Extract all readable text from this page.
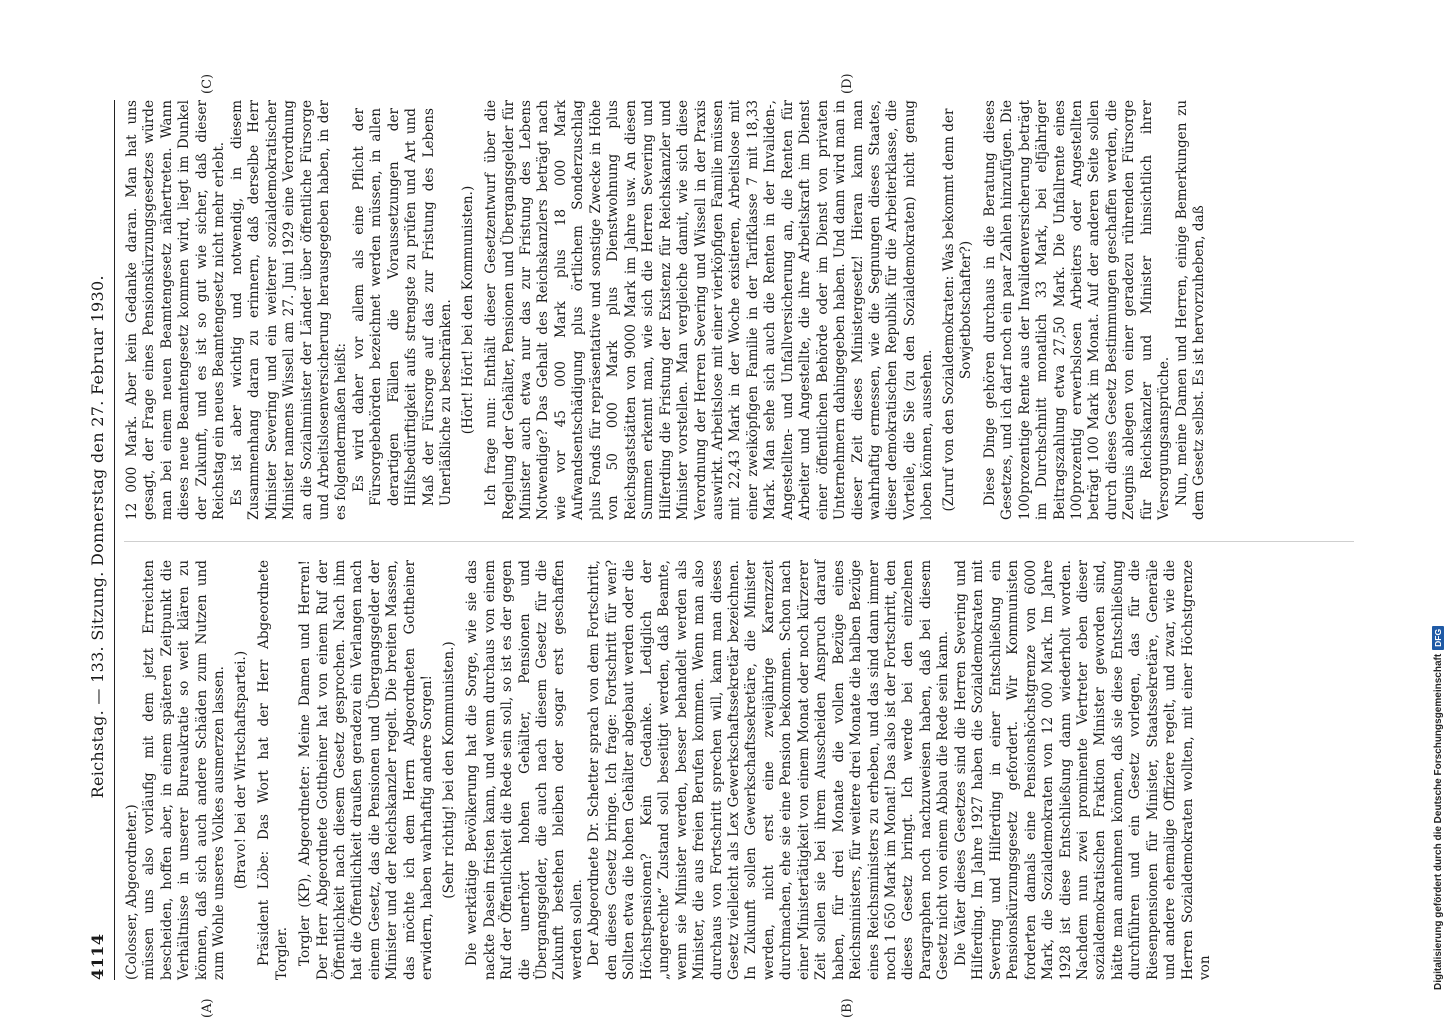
4114
Reichstag. — 133. Sitzung. Donnerstag den 27. Februar 1930.

(Colosser, Abgeordneter.) müssen uns also vorläufig mit dem jetzt Erreichten bescheiden, hoffen aber, in einem späteren Zeitpunkt die Verhältnisse in unserer Bureaukratie so weit klären zu können, daß sich auch andere Schäden zum Nutzen und zum Wohle unseres Volkes ausmerzen lassen. (Bravo! bei der Wirtschaftspartei.) Präsident Löbe: Das Wort hat der Herr Abgeordnete Torgler. Torgler (KP), Abgeordneter: Meine Damen und Herren! Der Herr Abgeordnete Gottheiner hat von einem Ruf der Öffentlichkeit nach diesem Gesetz gesprochen. Nach ihm hat die Öffentlichkeit draußen geradezu ein Verlangen nach einem Gesetz, das die Pensionen und Übergangsgelder der Minister und der Reichskanzler regelt. Die breiten Massen, das möchte ich dem Herrn Abgeordneten Gottheiner erwidern, haben wahrhaftig andere Sorgen! (Sehr richtig! bei den Kommunisten.) Die werktätige Bevölkerung hat die Sorge, wie sie das nackte Dasein fristen kann, und wenn durchaus von einem Ruf der Öffentlichkeit die Rede sein soll, so ist es der gegen die unerhört hohen Gehälter, Pensionen und Übergangsgelder, die auch nach diesem Gesetz für die Zukunft bestehen bleiben oder sogar erst geschaffen werden sollen. Der Abgeordnete Dr. Schetter sprach von dem Fortschritt, den dieses Gesetz bringe. Ich frage: Fortschritt für wen? Sollten etwa die hohen Gehälter abgebaut werden oder die Höchstpensionen? Kein Gedanke. Lediglich der „ungerechte“ Zustand soll beseitigt werden, daß Beamte, wenn sie Minister werden, besser behandelt werden als Minister, die aus freien Berufen kommen. Wenn man also durchaus von Fortschritt sprechen will, kann man dieses Gesetz vielleicht als Lex Gewerkschaftssekretär bezeichnen. In Zukunft sollen Gewerkschaftssekretäre, die Minister werden, nicht erst eine zweijährige Karenzzeit durchmachen, ehe sie eine Pension bekommen. Schon nach einer Ministertätigkeit von einem Monat oder noch kürzerer Zeit sollen sie bei ihrem Ausscheiden Anspruch darauf haben, für drei Monate die vollen Bezüge eines Reichsministers, für weitere drei Monate die halben Bezüge eines Reichsministers zu erheben, und das sind dann immer noch 1 650 Mark im Monat! Das also ist der Fortschritt, den dieses Gesetz bringt. Ich werde bei den einzelnen Paragraphen noch nachzuweisen haben, daß bei diesem Gesetz nicht von einem Abbau die Rede sein kann. Die Väter dieses Gesetzes sind die Herren Severing und Hilferding. Im Jahre 1927 haben die Sozialdemokraten mit Severing und Hilferding in einer Entschließung ein Pensionskürzungsgesetz gefordert. Wir Kommunisten forderten damals eine Pensionshöchstgrenze von 6000 Mark, die Sozialdemokraten von 12 000 Mark. Im Jahre 1928 ist diese Entschließung dann wiederholt worden. Nachdem nun zwei prominente Vertreter eben dieser sozialdemokratischen Fraktion Minister geworden sind, hätte man annehmen können, daß sie diese Entschließung durchführen und ein Gesetz vorlegen, das für die Riesenpensionen für Minister, Staatssekretäre, Generäle und andere ehemalige Offiziere regelt, und zwar, wie die Herren Sozialdemokraten wollten, mit einer Höchstgrenze von

12 000 Mark. Aber kein Gedanke daran. Man hat uns gesagt, der Frage eines Pensionskürzungsgesetzes würde man bei einem neuen Beamtengesetz nähertreten. Wann dieses neue Beamtengesetz kommen wird, liegt im Dunkel der Zukunft, und es ist so gut wie sicher, daß dieser Reichstag ein neues Beamtengesetz nicht mehr erlebt. Es ist aber wichtig und notwendig, in diesem Zusammenhang daran zu erinnern, daß derselbe Herr Minister Severing und ein weiterer sozialdemokratischer Minister namens Wissell am 27. Juni 1929 eine Verordnung an die Sozialminister der Länder über öffentliche Fürsorge und Arbeitslosenversicherung herausgegeben haben, in der es folgendermaßen heißt: Es wird daher vor allem als eine Pflicht der Fürsorgebehörden bezeichnet werden müssen, in allen derartigen Fällen die Voraussetzungen der Hilfsbedürftigkeit aufs strengste zu prüfen und Art und Maß der Fürsorge auf das zur Fristung des Lebens Unerläßliche zu beschränken. (Hört! Hört! bei den Kommunisten.) Ich frage nun: Enthält dieser Gesetzentwurf über die Regelung der Gehälter, Pensionen und Übergangsgelder für Minister auch etwa nur das zur Fristung des Lebens Notwendige? Das Gehalt des Reichskanzlers beträgt nach wie vor 45 000 Mark plus 18 000 Mark Aufwandsentschädigung plus örtlichem Sonderzuschlag plus Fonds für repräsentative und sonstige Zwecke in Höhe von 50 000 Mark plus Dienstwohnung plus Reichsgaststätten von 9000 Mark im Jahre usw. An diesen Summen erkennt man, wie sich die Herren Severing und Hilferding die Fristung der Existenz für Reichskanzler und Minister vorstellen. Man vergleiche damit, wie sich diese Verordnung der Herren Severing und Wissell in der Praxis auswirkt. Arbeitslose mit einer vierköpfigen Familie müssen mit 22,43 Mark in der Woche existieren, Arbeitslose mit einer zweiköpfigen Familie in der Tarifklasse 7 mit 18,33 Mark. Man sehe sich auch die Renten in der Invaliden-, Angestellten- und Unfallversicherung an, die Renten für Arbeiter und Angestellte, die ihre Arbeitskraft im Dienst einer öffentlichen Behörde oder im Dienst von privaten Unternehmern dahingegeben haben. Und dann wird man in dieser Zeit dieses Ministergesetz! Hieran kann man wahrhaftig ermessen, wie die Segnungen dieses Staates, dieser demokratischen Republik für die Arbeiterklasse, die Vorteile, die Sie (zu den Sozialdemokraten) nicht genug loben können, aussehen. (Zuruf von den Sozialdemokraten: Was bekommt denn der Sowjetbotschafter?) Diese Dinge gehören durchaus in die Beratung dieses Gesetzes, und ich darf noch ein paar Zahlen hinzufügen. Die 100prozentige Rente aus der Invalidenversicherung beträgt im Durchschnitt monatlich 33 Mark, bei elfjähriger Beitragszahlung etwa 27,50 Mark. Die Unfallrente eines 100prozentig erwerbslosen Arbeiters oder Angestellten beträgt 100 Mark im Monat. Auf der anderen Seite sollen durch dieses Gesetz Bestimmungen geschaffen werden, die Zeugnis ablegen von einer geradezu rührenden Fürsorge für Reichskanzler und Minister hinsichtlich ihrer Versorgungsansprüche. Nun, meine Damen und Herren, einige Bemerkungen zu dem Gesetz selbst. Es ist hervorzuheben, daß

(A)	(B)
(C)	(D)
Digitalisierung gefördert durch die Deutsche Forschungsgemeinschaft
DFG
